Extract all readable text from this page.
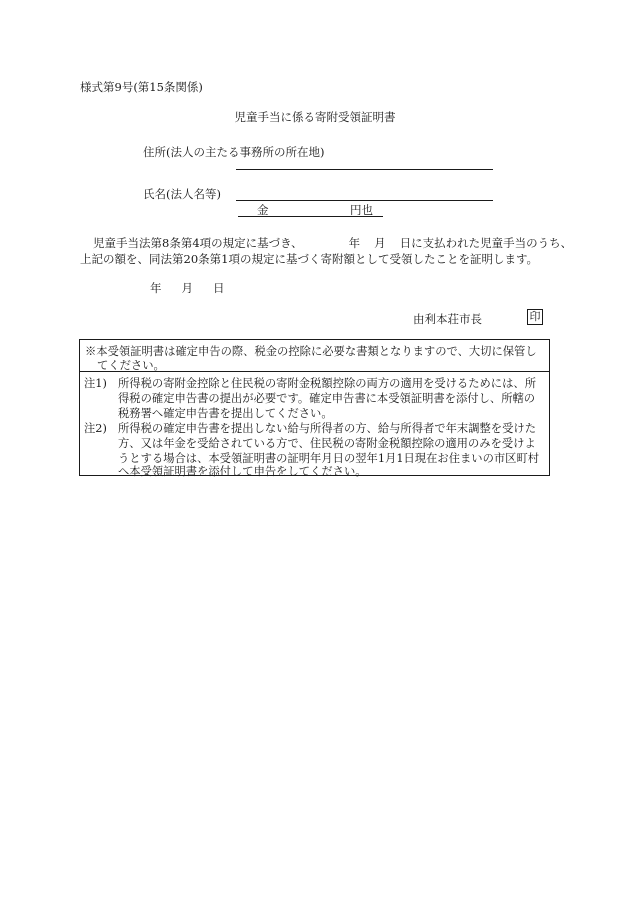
様式第9号(第15条関係)
児童手当に係る寄附受領証明書
住所(法人の主たる事務所の所在地)
氏名(法人名等)
金	円也
児童手当法第8条第4項の規定に基づき、	年 月 日に支払われた児童手当のうち、
上記の額を、同法第20条第1項の規定に基づく寄附額として受領したことを証明します。
年 月 日
由利本荘市長	印
※本受領証明書は確定申告の際、税金の控除に必要な書類となりますので、大切に保管し
てください。
注1) 所得税の寄附金控除と住民税の寄附金税額控除の両方の適用を受けるためには、所
得税の確定申告書の提出が必要です。確定申告書に本受領証明書を添付し、所轄の
税務署へ確定申告書を提出してください。
注2) 所得税の確定申告書を提出しない給与所得者の方、給与所得者で年末調整を受けた
方、又は年金を受給されている方で、住民税の寄附金税額控除の適用のみを受けよ
うとする場合は、本受領証明書の証明年月日の翌年1月1日現在お住まいの市区町村
へ本受領証明書を添付して申告をしてください。
